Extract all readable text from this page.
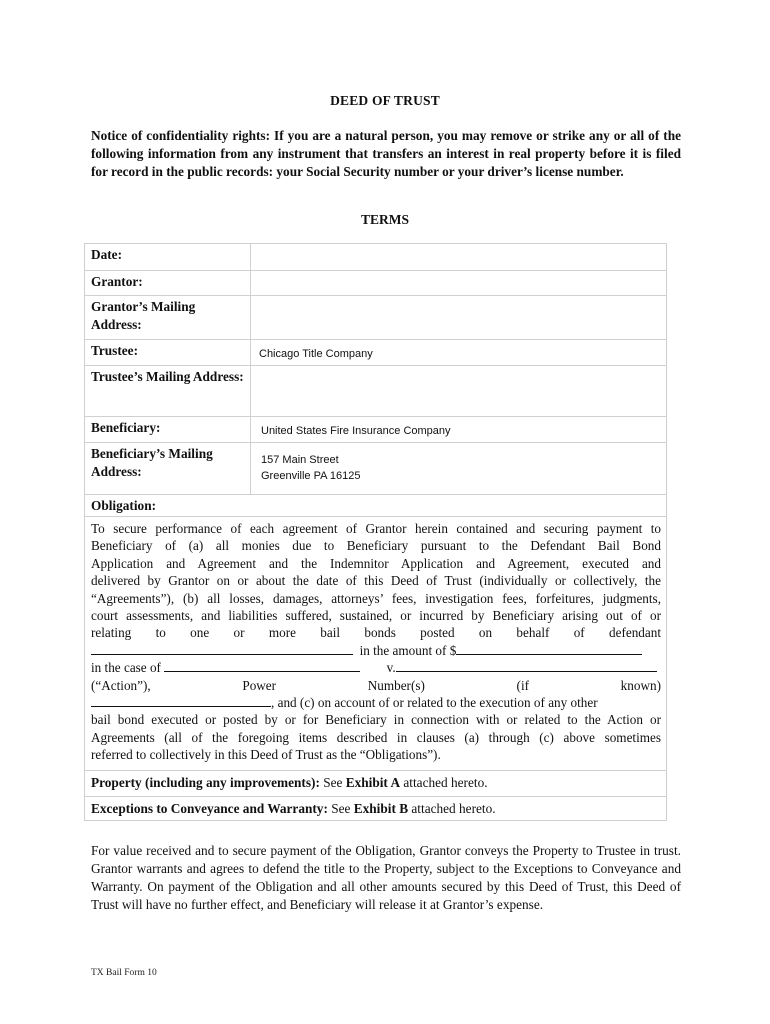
DEED OF TRUST
Notice of confidentiality rights: If you are a natural person, you may remove or strike any or all of the following information from any instrument that transfers an interest in real property before it is filed for record in the public records: your Social Security number or your driver’s license number.
TERMS
Date:
Grantor:
Grantor’s Mailing Address:
Trustee:	Chicago Title Company
Trustee’s Mailing Address:
Beneficiary:	United States Fire Insurance Company
Beneficiary’s Mailing Address:
157 Main Street
Greenville PA 16125
Obligation:
To secure performance of each agreement of Grantor herein contained and securing payment to
Beneficiary of (a) all monies due to Beneficiary pursuant to the Defendant Bail Bond
Application and Agreement and the Indemnitor Application and Agreement, executed and
delivered by Grantor on or about the date of this Deed of Trust (individually or collectively, the
“Agreements”), (b) all losses, damages, attorneys’ fees, investigation fees, forfeitures, judgments,
court assessments, and liabilities suffered, sustained, or incurred by Beneficiary arising out of or
relating to one or more bail bonds posted on behalf of defendant
in the amount of $
in the case of	v.
(“Action”),	Power	Number(s)	(if	known)
, and (c) on account of or related to the execution of any other
bail bond executed or posted by or for Beneficiary in connection with or related to the Action or
Agreements (all of the foregoing items described in clauses (a) through (c) above sometimes
referred to collectively in this Deed of Trust as the “Obligations”).
Property (including any improvements): See Exhibit A attached hereto.
Exceptions to Conveyance and Warranty: See Exhibit B attached hereto.
For value received and to secure payment of the Obligation, Grantor conveys the Property to Trustee in trust. Grantor warrants and agrees to defend the title to the Property, subject to the Exceptions to Conveyance and Warranty. On payment of the Obligation and all other amounts secured by this Deed of Trust, this Deed of Trust will have no further effect, and Beneficiary will release it at Grantor’s expense.
TX Bail Form 10
